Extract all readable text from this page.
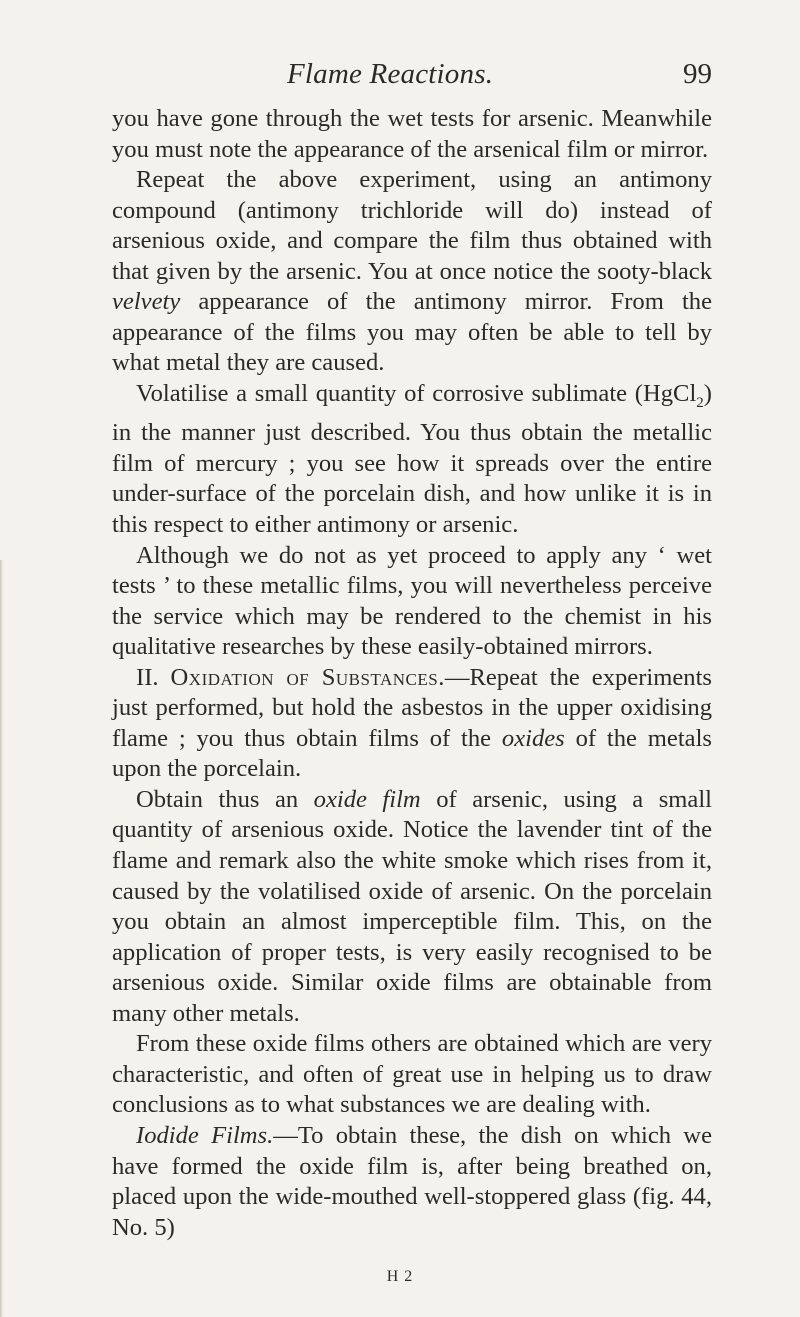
Flame Reactions.	99

you have gone through the wet tests for arsenic. Meanwhile you must note the appearance of the arsenical film or mirror.

Repeat the above experiment, using an antimony compound (antimony trichloride will do) instead of arsenious oxide, and compare the film thus obtained with that given by the arsenic. You at once notice the sooty-black velvety appearance of the antimony mirror. From the appearance of the films you may often be able to tell by what metal they are caused.

Volatilise a small quantity of corrosive sublimate (HgCl$_2$) in the manner just described. You thus obtain the metallic film of mercury ; you see how it spreads over the entire under-surface of the porcelain dish, and how unlike it is in this respect to either antimony or arsenic.

Although we do not as yet proceed to apply any ‘ wet tests ’ to these metallic films, you will nevertheless perceive the service which may be rendered to the chemist in his qualitative researches by these easily-obtained mirrors.

II. Oxidation of Substances.—Repeat the experiments just performed, but hold the asbestos in the upper oxidising flame ; you thus obtain films of the oxides of the metals upon the porcelain.

Obtain thus an oxide film of arsenic, using a small quantity of arsenious oxide. Notice the lavender tint of the flame and remark also the white smoke which rises from it, caused by the volatilised oxide of arsenic. On the porcelain you obtain an almost imperceptible film. This, on the application of proper tests, is very easily recognised to be arsenious oxide. Similar oxide films are obtainable from many other metals.

From these oxide films others are obtained which are very characteristic, and often of great use in helping us to draw conclusions as to what substances we are dealing with.

Iodide Films.—To obtain these, the dish on which we have formed the oxide film is, after being breathed on, placed upon the wide-mouthed well-stoppered glass (fig. 44, No. 5)

H 2
